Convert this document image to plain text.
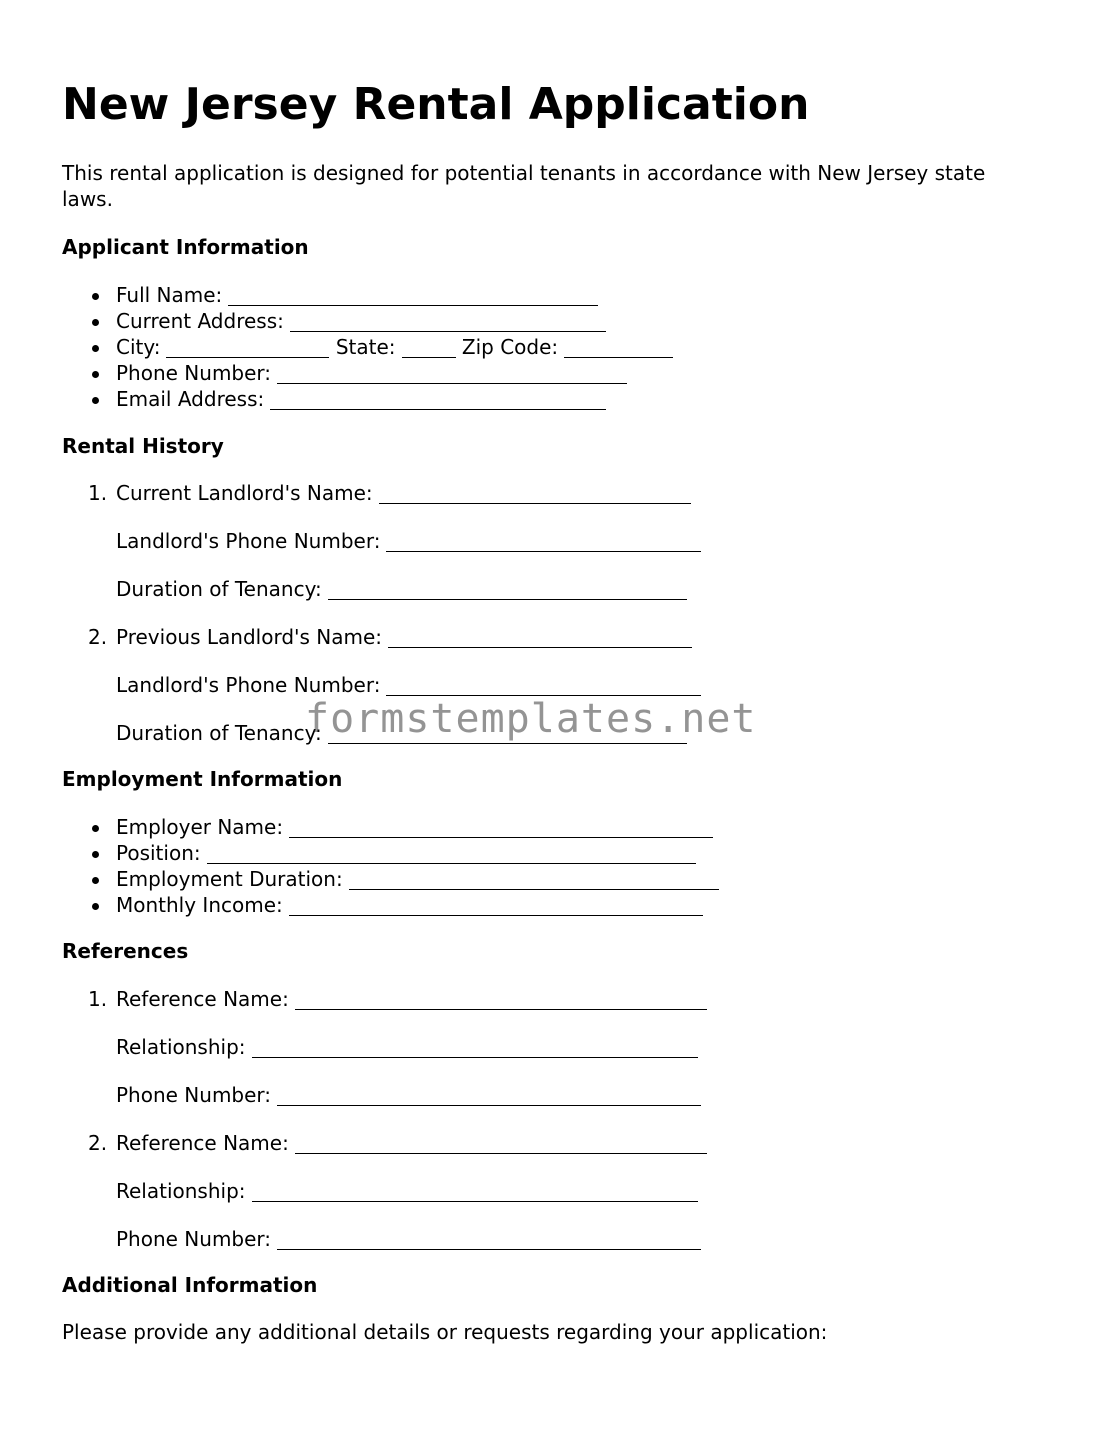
New Jersey Rental Application

This rental application is designed for potential tenants in accordance with New Jersey state laws.

Applicant Information
Full Name:
Current Address:
City:	State:	Zip Code:
Phone Number:
Email Address:
Rental History
1. Current Landlord's Name:
Landlord's Phone Number:
Duration of Tenancy:
2. Previous Landlord's Name:
Landlord's Phone Number:
Duration of Tenancy:
Employment Information
Employer Name:
Position:
Employment Duration:
Monthly Income:
References
1. Reference Name:
Relationship:
Phone Number:
2. Reference Name:
Relationship:
Phone Number:
Additional Information

Please provide any additional details or requests regarding your application:

formstemplates.net
